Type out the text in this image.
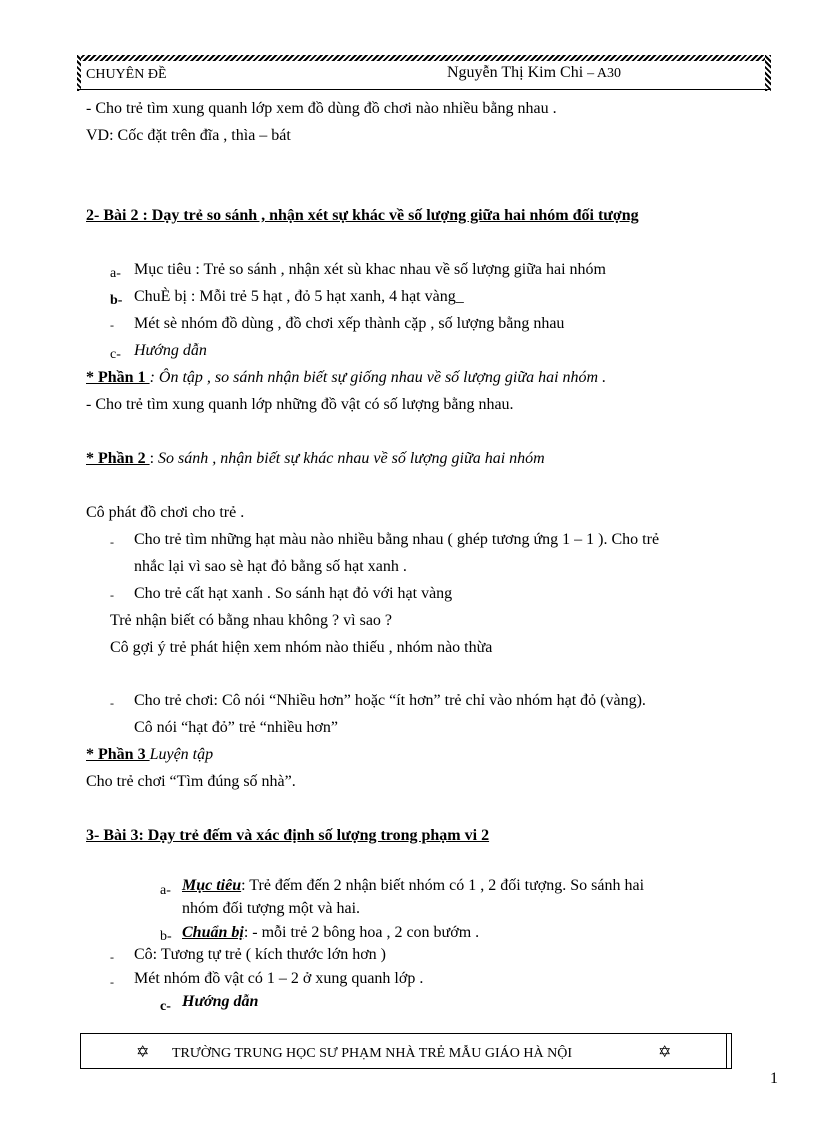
CHUYÊN ĐỀ	Nguyễn Thị Kim Chi – A30
- Cho trẻ tìm xung quanh lớp xem đồ dùng đồ chơi nào nhiều bằng nhau .
VD: Cốc đặt trên đĩa , thìa – bát
2- Bài 2 : Dạy trẻ so sánh , nhận xét sự khác về số lượng giữa hai nhóm đối tượng
a- Mục tiêu : Trẻ so sánh , nhận xét sù khac nhau về số lượng giữa hai nhóm
b- ChuÈ bị : Mỗi trẻ 5 hạt , đỏ 5 hạt xanh, 4 hạt vàng_
- Mét sè nhóm đồ dùng , đồ chơi xếp thành cặp , số lượng bằng nhau
c- Hướng dẫn
* Phần 1 : Ôn tập , so sánh nhận biết sự giống nhau về số lượng giữa hai nhóm .
- Cho trẻ tìm xung quanh lớp những đồ vật có số lượng bằng nhau.
* Phần 2 : So sánh , nhận biết sự khác nhau về số lượng giữa hai nhóm
Cô phát đồ chơi cho trẻ .
- Cho trẻ tìm những hạt màu nào nhiều bằng nhau ( ghép tương ứng 1 – 1 ). Cho trẻ
nhắc lại vì sao sè hạt đỏ bằng số hạt xanh .
- Cho trẻ cất hạt xanh . So sánh hạt đỏ với hạt vàng
Trẻ nhận biết có bằng nhau không ? vì sao ?
Cô gợi ý trẻ phát hiện xem nhóm nào thiếu , nhóm nào thừa
- Cho trẻ chơi: Cô nói “Nhiều hơn” hoặc “ít hơn” trẻ chỉ vào nhóm hạt đỏ (vàng).
Cô nói “hạt đỏ” trẻ “nhiều hơn”
* Phần 3 Luyện tập
Cho trẻ chơi “Tìm đúng số nhà”.
3- Bài 3: Dạy trẻ đếm và xác định số lượng trong phạm vi 2
a- Mục tiêu: Trẻ đếm đến 2 nhận biết nhóm có 1 , 2 đối tượng. So sánh hai
nhóm đối tượng một và hai.
b- Chuẩn bị: - mỗi trẻ 2 bông hoa , 2 con bướm .
- Cô: Tương tự trẻ ( kích thước lớn hơn )
- Mét nhóm đồ vật có 1 – 2 ở xung quanh lớp .
c- Hướng dẫn
✡ TRƯỜNG TRUNG HỌC SƯ PHẠM NHÀ TRẺ MẪU GIÁO HÀ NỘI	✡
1
